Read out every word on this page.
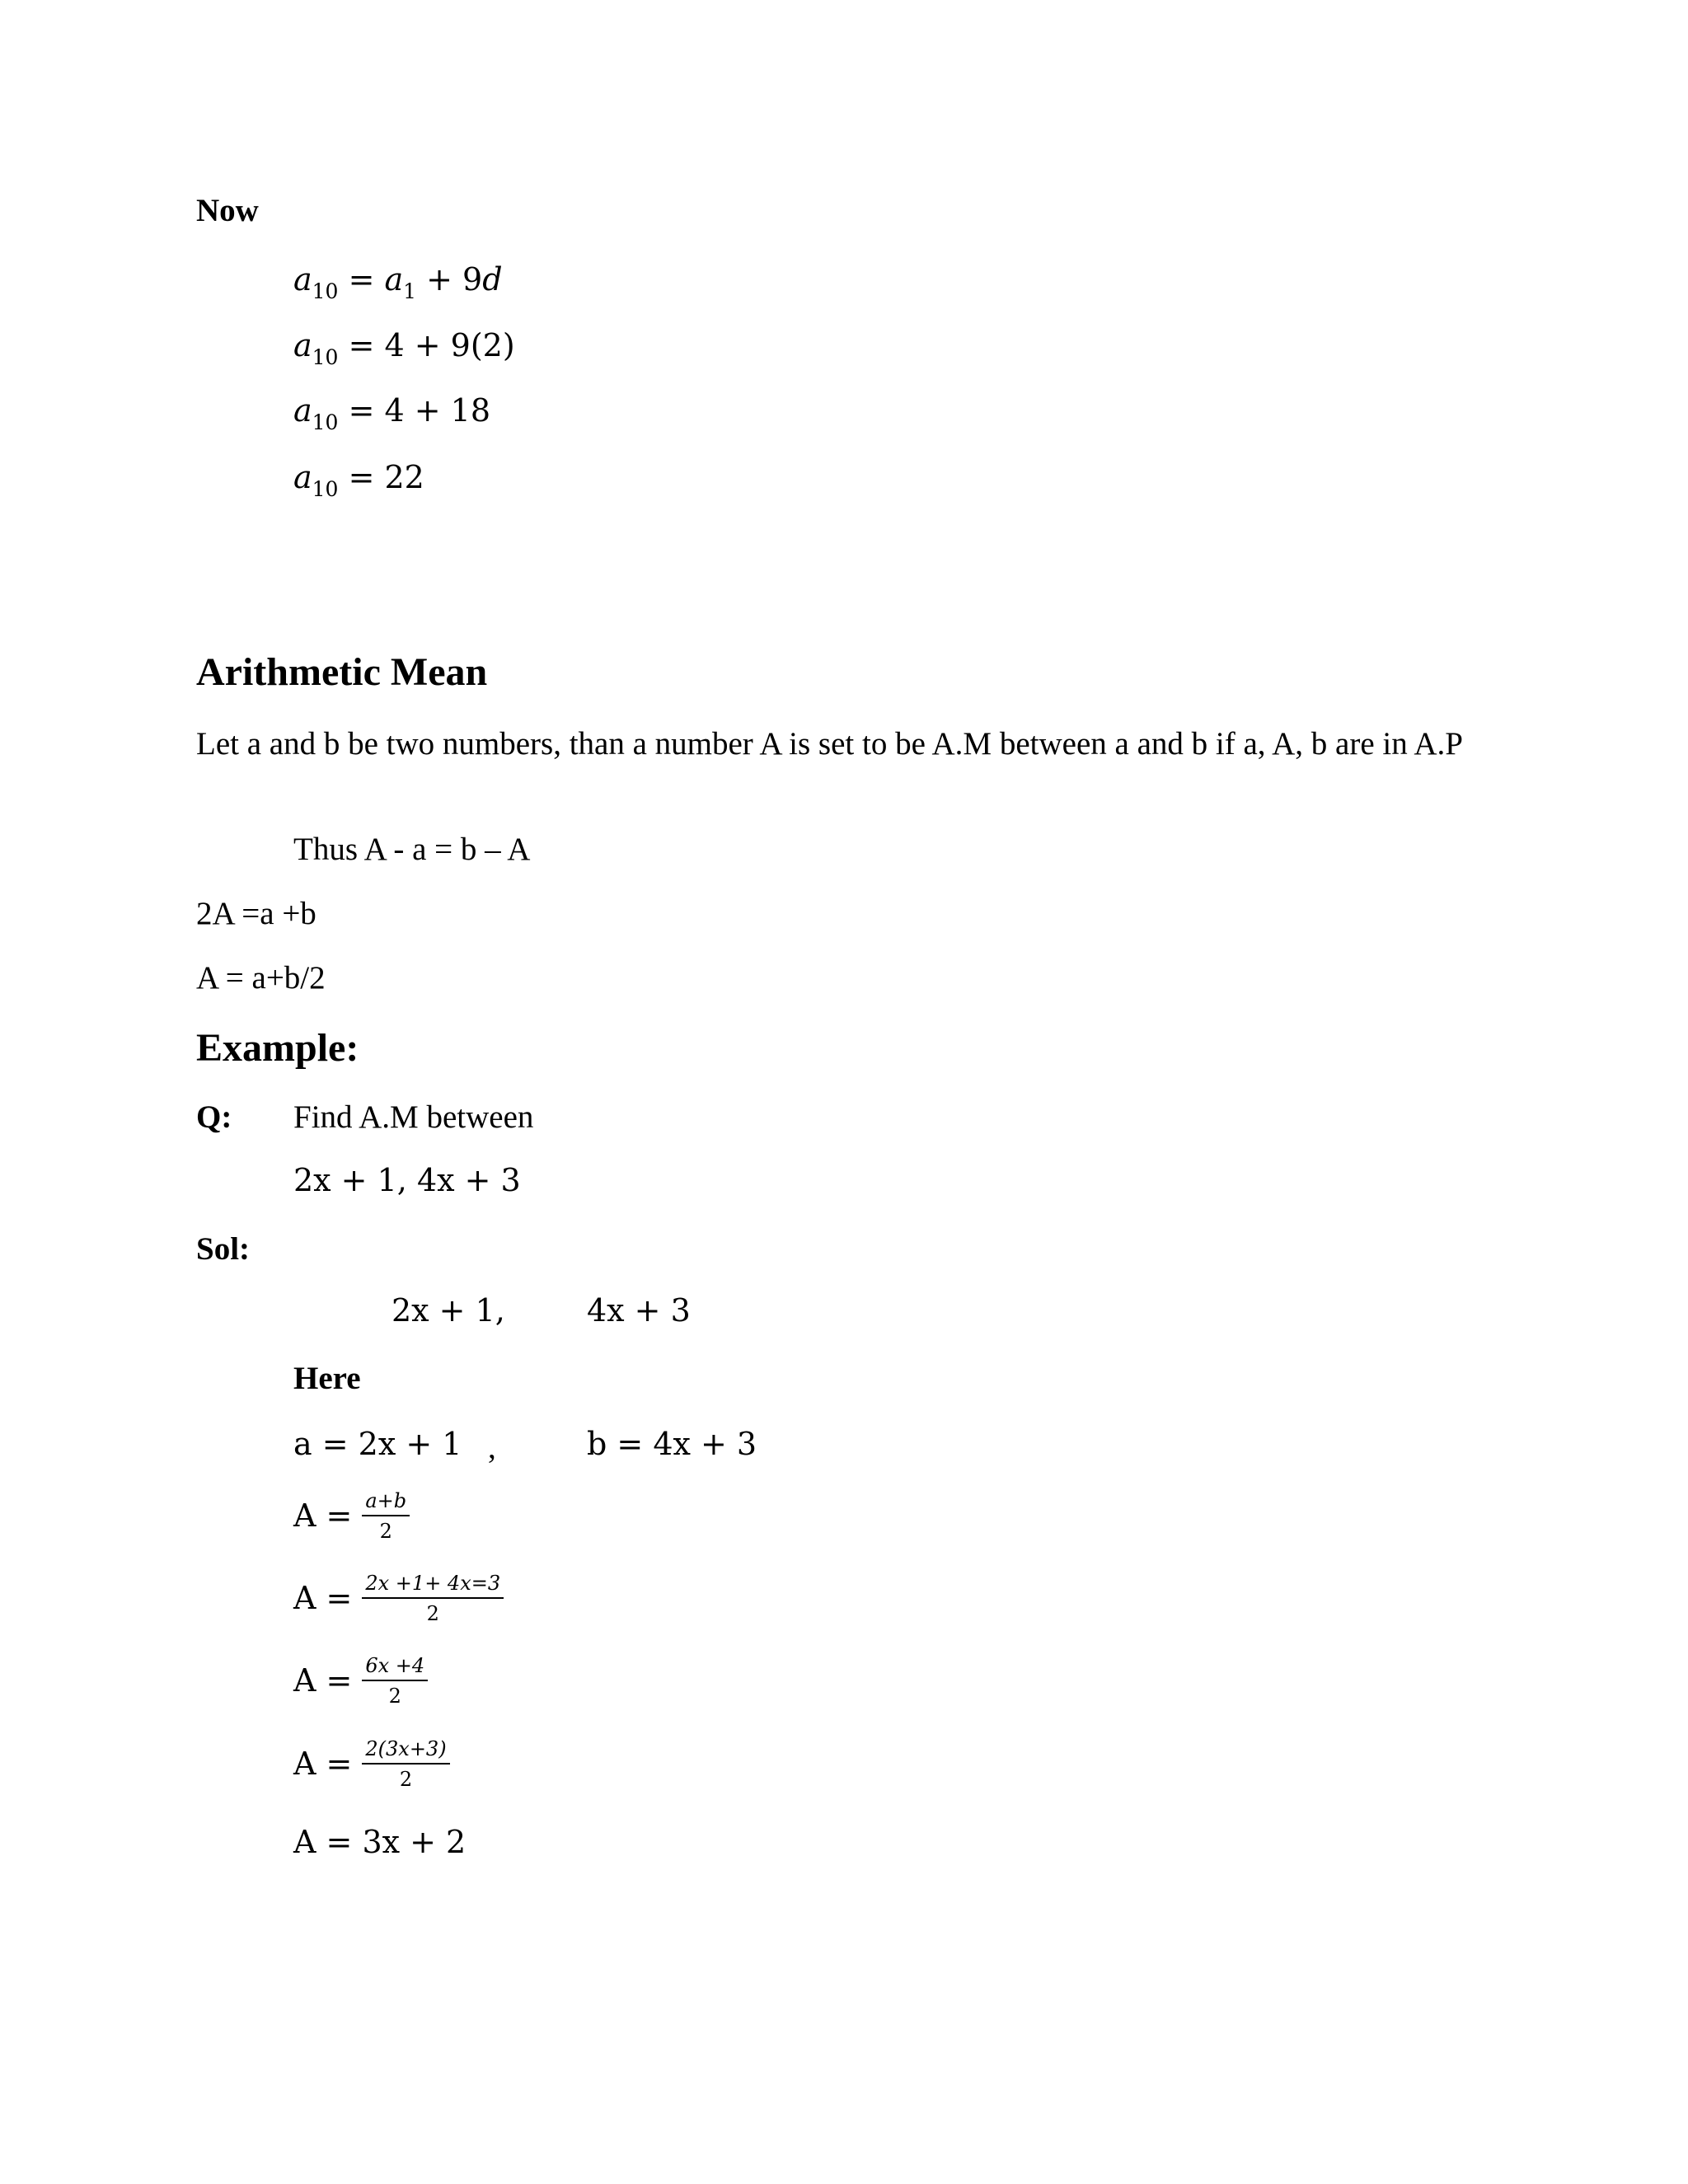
Now
$a_{10} = a_1 + 9d$
$a_{10} = 4 + 9(2)$
$a_{10} = 4 + 18$
$a_{10} = 22$
Arithmetic Mean
Let a and b be two numbers, than a number A is set to be A.M between a and b if a, A, b are in A.P
Thus A - a = b – A
2A =a +b
A = a+b/2
Example:
Q: Find A.M between
2x + 1, 4x + 3
Sol:
2x + 1,	4x + 3
Here
a = 2x + 1 ,	b = 4x + 3
$A = \frac{a+b}{2}$
$A = \frac{2x +1+ 4x=3}{2}$
$A = \frac{6x +4}{2}$
$A = \frac{2(3x+3)}{2}$
A = 3x + 2
